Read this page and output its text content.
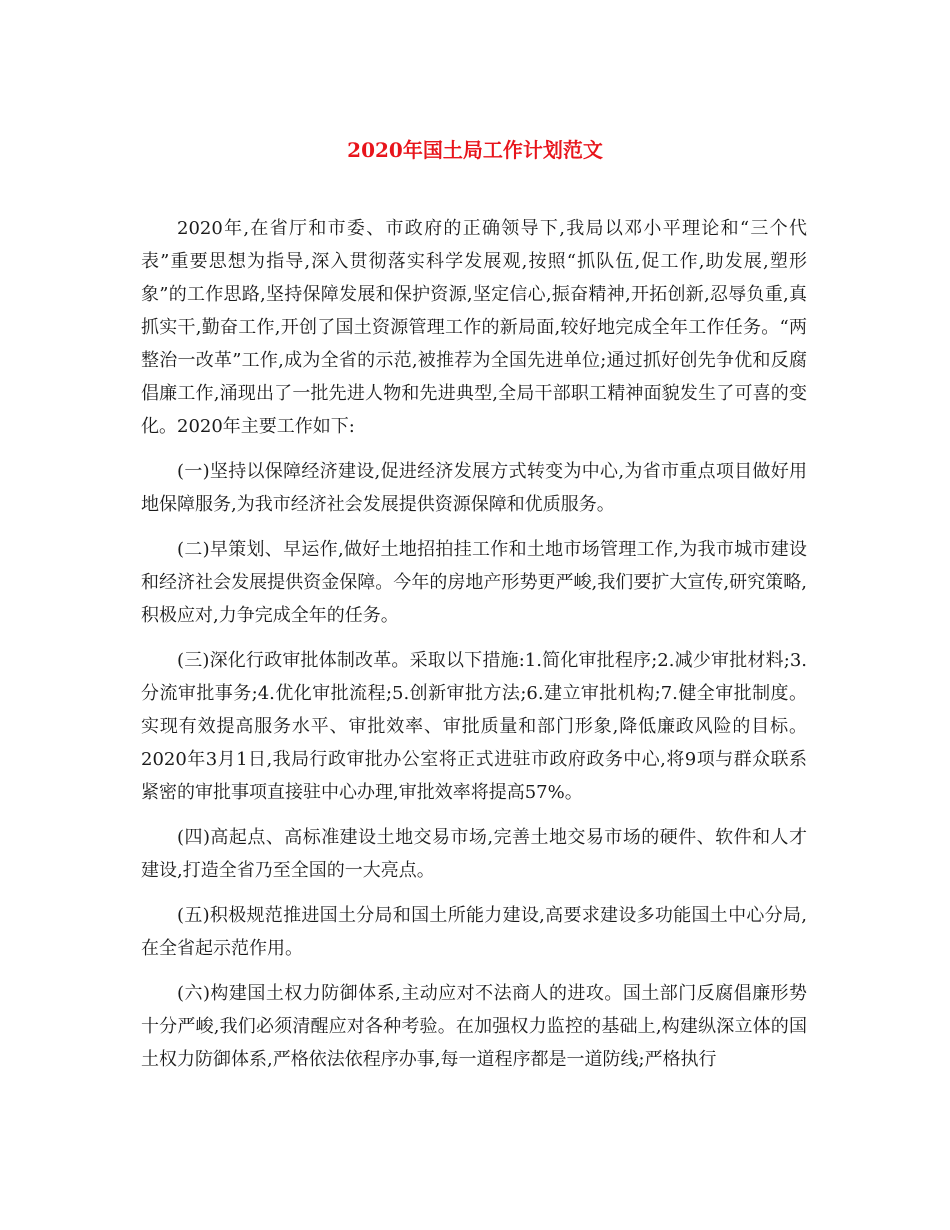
2020年国土局工作计划范文

2020年,在省厅和市委、市政府的正确领导下,我局以邓小平理论和“三个代表”重要思想为指导,深入贯彻落实科学发展观,按照“抓队伍,促工作,助发展,塑形象”的工作思路,坚持保障发展和保护资源,坚定信心,振奋精神,开拓创新,忍辱负重,真抓实干,勤奋工作,开创了国土资源管理工作的新局面,较好地完成全年工作任务。“两整治一改革”工作,成为全省的示范,被推荐为全国先进单位;通过抓好创先争优和反腐倡廉工作,涌现出了一批先进人物和先进典型,全局干部职工精神面貌发生了可喜的变化。2020年主要工作如下:

(一)坚持以保障经济建设,促进经济发展方式转变为中心,为省市重点项目做好用地保障服务,为我市经济社会发展提供资源保障和优质服务。

(二)早策划、早运作,做好土地招拍挂工作和土地市场管理工作,为我市城市建设和经济社会发展提供资金保障。今年的房地产形势更严峻,我们要扩大宣传,研究策略,积极应对,力争完成全年的任务。

(三)深化行政审批体制改革。采取以下措施:1.简化审批程序;2.减少审批材料;3.分流审批事务;4.优化审批流程;5.创新审批方法;6.建立审批机构;7.健全审批制度。实现有效提高服务水平、审批效率、审批质量和部门形象,降低廉政风险的目标。2020年3月1日,我局行政审批办公室将正式进驻市政府政务中心,将9项与群众联系紧密的审批事项直接驻中心办理,审批效率将提高57%。

(四)高起点、高标准建设土地交易市场,完善土地交易市场的硬件、软件和人才建设,打造全省乃至全国的一大亮点。

(五)积极规范推进国土分局和国土所能力建设,高要求建设多功能国土中心分局,在全省起示范作用。

(六)构建国土权力防御体系,主动应对不法商人的进攻。国土部门反腐倡廉形势十分严峻,我们必须清醒应对各种考验。在加强权力监控的基础上,构建纵深立体的国土权力防御体系,严格依法依程序办事,每一道程序都是一道防线;严格执行
